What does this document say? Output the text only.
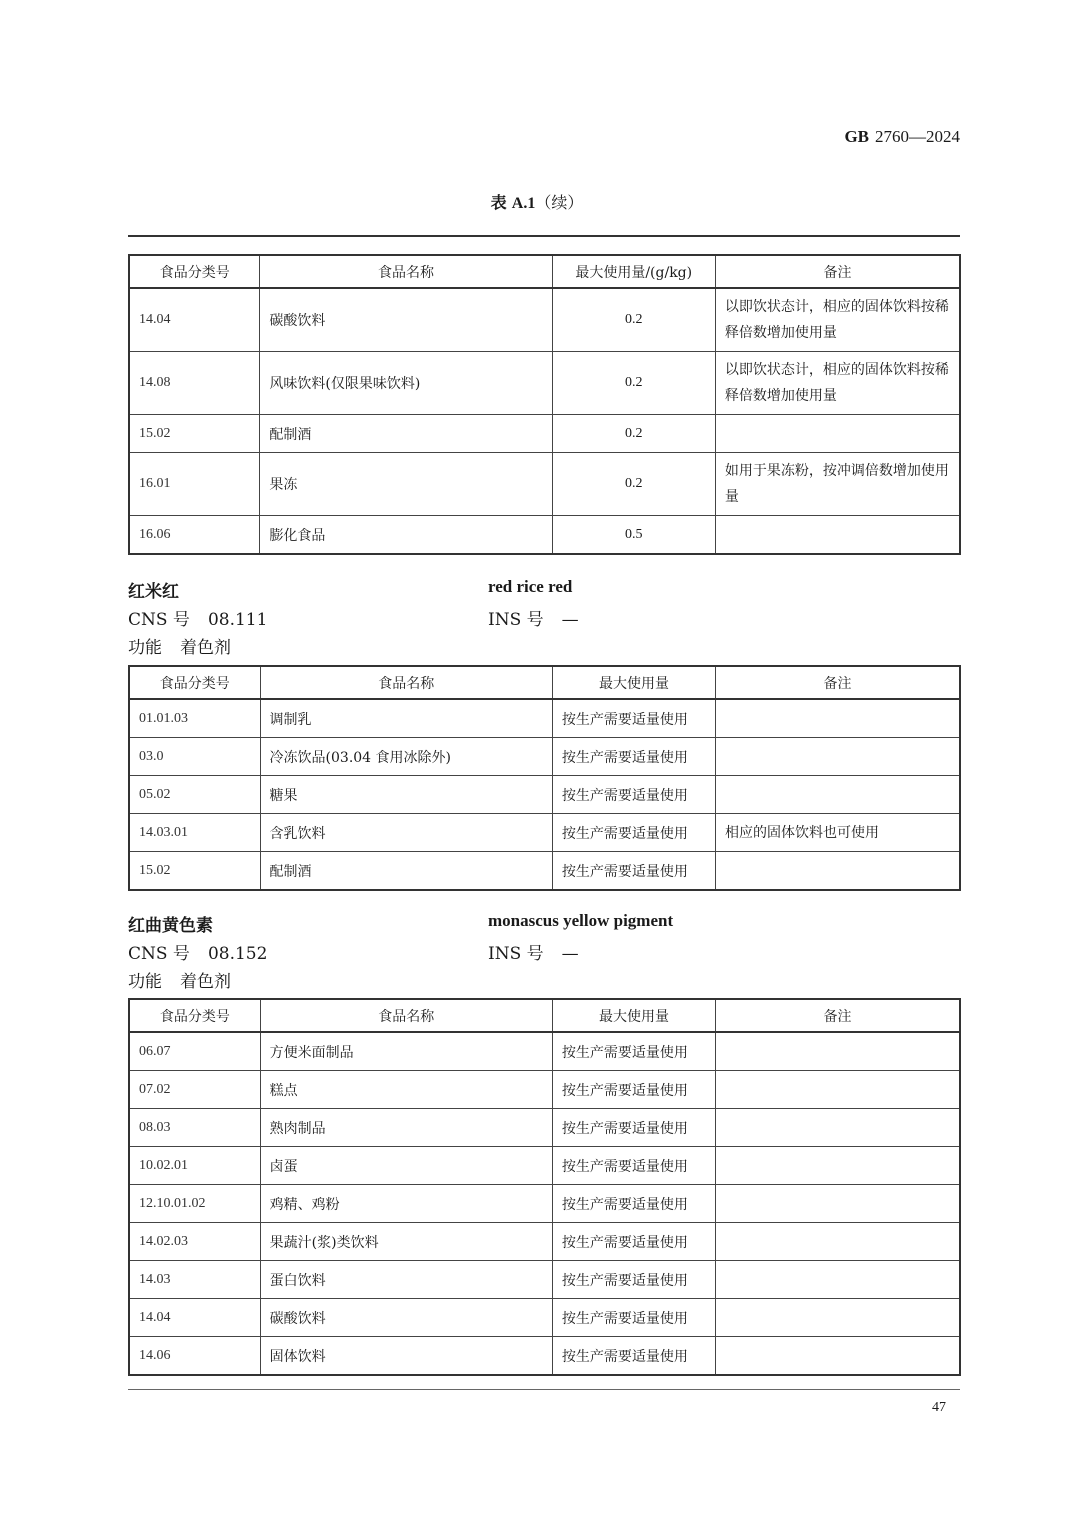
GB 2760—2024
表 A.1（续）
食品分类号	食品名称	最大使用量/(g/kg)	备注
14.04	碳酸饮料	0.2	以即饮状态计，相应的固体饮料按稀释倍数增加使用量
14.08	风味饮料(仅限果味饮料)	0.2	以即饮状态计，相应的固体饮料按稀释倍数增加使用量
15.02	配制酒	0.2	
16.01	果冻	0.2	如用于果冻粉，按冲调倍数增加使用量
16.06	膨化食品	0.5	
红米红	red rice red
CNS 号 08.111	INS 号 —
功能 着色剂
食品分类号	食品名称	最大使用量	备注
01.01.03	调制乳	按生产需要适量使用	
03.0	冷冻饮品(03.04 食用冰除外)	按生产需要适量使用	
05.02	糖果	按生产需要适量使用	
14.03.01	含乳饮料	按生产需要适量使用	相应的固体饮料也可使用
15.02	配制酒	按生产需要适量使用	
红曲黄色素	monascus yellow pigment
CNS 号 08.152	INS 号 —
功能 着色剂
食品分类号	食品名称	最大使用量	备注
06.07	方便米面制品	按生产需要适量使用	
07.02	糕点	按生产需要适量使用	
08.03	熟肉制品	按生产需要适量使用	
10.02.01	卤蛋	按生产需要适量使用	
12.10.01.02	鸡精、鸡粉	按生产需要适量使用	
14.02.03	果蔬汁(浆)类饮料	按生产需要适量使用	
14.03	蛋白饮料	按生产需要适量使用	
14.04	碳酸饮料	按生产需要适量使用	
14.06	固体饮料	按生产需要适量使用	
47
